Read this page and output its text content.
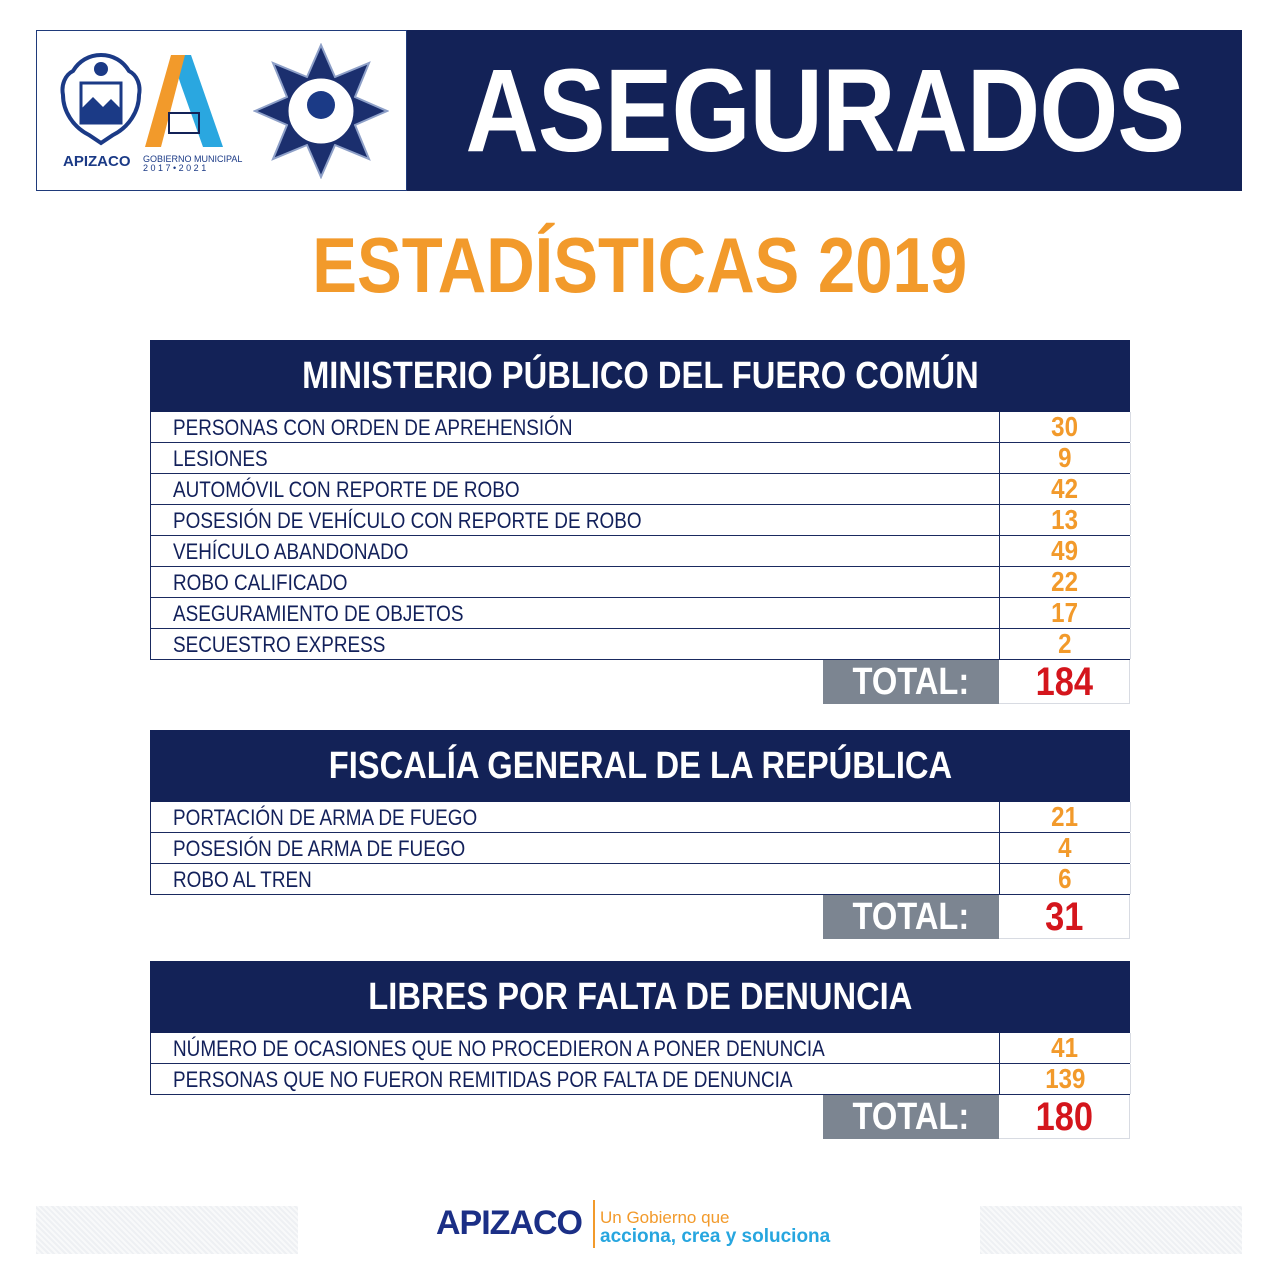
APIZACO GOBIERNO MUNICIPAL
2 0 1 7 • 2 0 2 1	ASEGURADOS
ESTADÍSTICAS 2019
MINISTERIO PÚBLICO DEL FUERO COMÚN
PERSONAS CON ORDEN DE APREHENSIÓN	30
LESIONES	9
AUTOMÓVIL CON REPORTE DE ROBO	42
POSESIÓN DE VEHÍCULO CON REPORTE DE ROBO	13
VEHÍCULO ABANDONADO	49
ROBO CALIFICADO	22
ASEGURAMIENTO DE OBJETOS	17
SECUESTRO EXPRESS	2
TOTAL:	184
FISCALÍA GENERAL DE LA REPÚBLICA
PORTACIÓN DE ARMA DE FUEGO	21
POSESIÓN DE ARMA DE FUEGO	4
ROBO AL TREN	6
TOTAL:	31
LIBRES POR FALTA DE DENUNCIA
NÚMERO DE OCASIONES QUE NO PROCEDIERON A PONER DENUNCIA	41
PERSONAS QUE NO FUERON REMITIDAS POR FALTA DE DENUNCIA	139
TOTAL:	180
APIZACO Un Gobierno que
acciona, crea y soluciona
